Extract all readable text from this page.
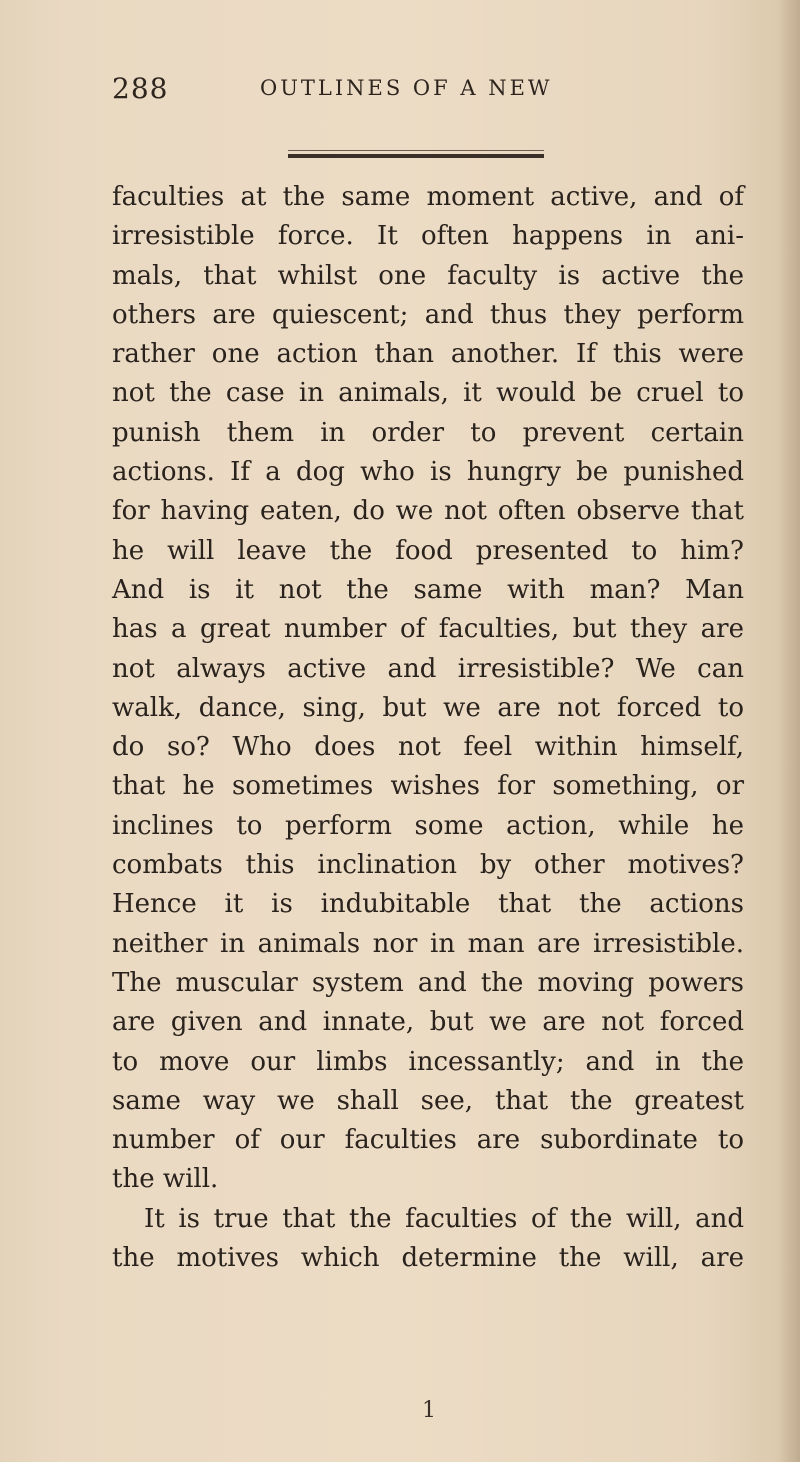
288	OUTLINES OF A NEW
faculties at the same moment active, and of
irresistible force. It often happens in ani-
mals, that whilst one faculty is active the
others are quiescent; and thus they perform
rather one action than another. If this were
not the case in animals, it would be cruel to
punish them in order to prevent certain
actions. If a dog who is hungry be punished
for having eaten, do we not often observe that
he will leave the food presented to him?
And is it not the same with man? Man
has a great number of faculties, but they are
not always active and irresistible? We can
walk, dance, sing, but we are not forced to
do so? Who does not feel within himself,
that he sometimes wishes for something, or
inclines to perform some action, while he
combats this inclination by other motives?
Hence it is indubitable that the actions
neither in animals nor in man are irresistible.
The muscular system and the moving powers
are given and innate, but we are not forced
to move our limbs incessantly; and in the
same way we shall see, that the greatest
number of our faculties are subordinate to
the will.
It is true that the faculties of the will, and
the motives which determine the will, are
1
